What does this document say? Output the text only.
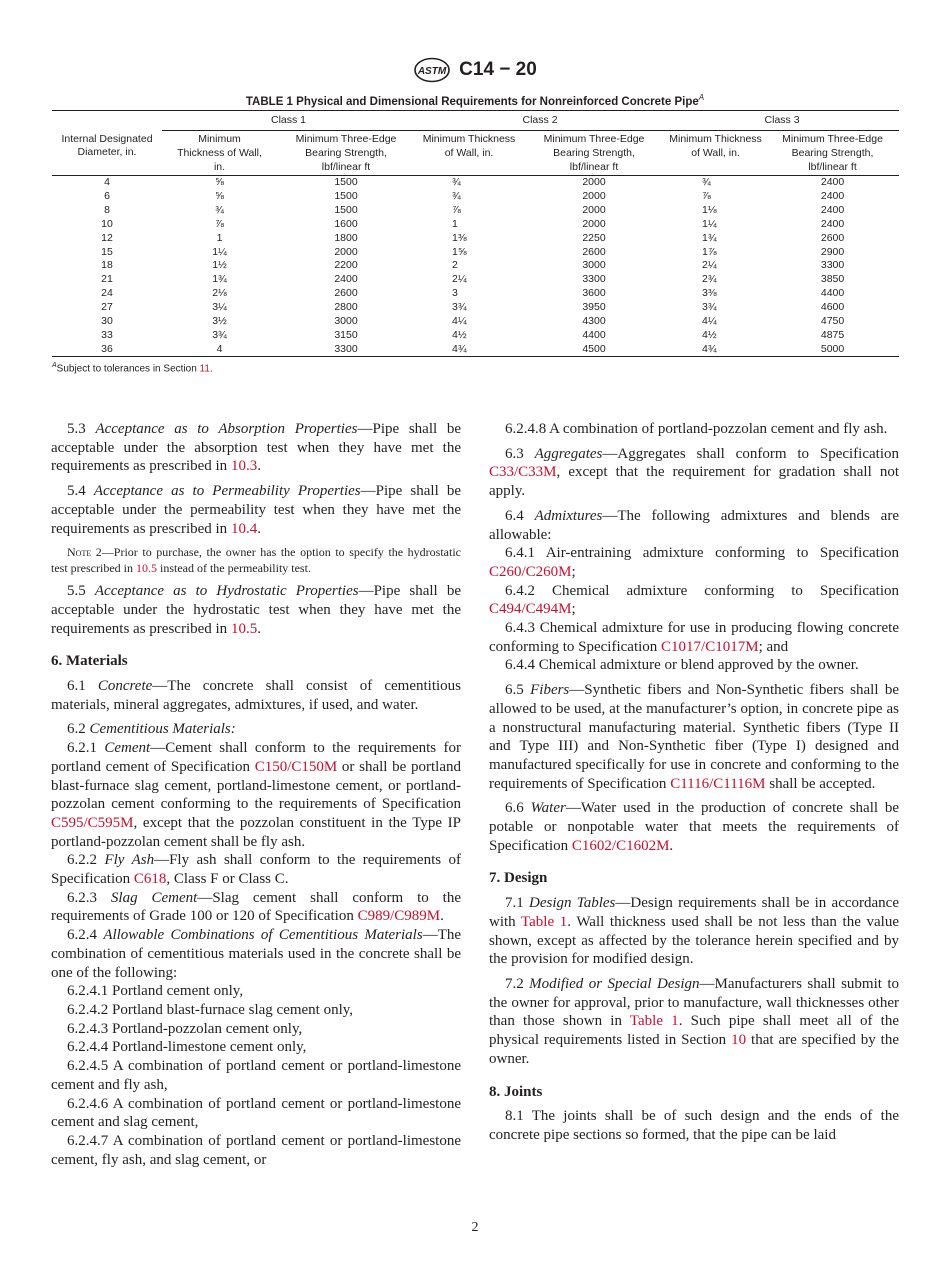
ASTM C14 − 20
TABLE 1 Physical and Dimensional Requirements for Nonreinforced Concrete Pipe$^A$
	Class 1		Class 2		Class 3	
Internal Designated Diameter, in.	Minimum Thickness of Wall, in.	Minimum Three-Edge Bearing Strength, lbf/linear ft	Minimum Thickness of Wall, in.	Minimum Three-Edge Bearing Strength, lbf/linear ft	Minimum Thickness of Wall, in.	Minimum Three-Edge Bearing Strength, lbf/linear ft
4	⅝	1500	¾	2000	¾	2400
6	⅝	1500	¾	2000	⅞	2400
8	¾	1500	⅞	2000	1⅛	2400
10	⅞	1600	1	2000	1¼	2400
12	1	1800	1⅜	2250	1¾	2600
15	1¼	2000	1⅝	2600	1⅞	2900
18	1½	2200	2	3000	2¼	3300
21	1¾	2400	2¼	3300	2¾	3850
24	2⅛	2600	3	3600	3⅜	4400
27	3¼	2800	3¾	3950	3¾	4600
30	3½	3000	4¼	4300	4¼	4750
33	3¾	3150	4½	4400	4½	4875
36	4	3300	4¾	4500	4¾	5000
$^A$Subject to tolerances in Section 11.

5.3 Acceptance as to Absorption Properties—Pipe shall be acceptable under the absorption test when they have met the requirements as prescribed in 10.3.

5.4 Acceptance as to Permeability Properties—Pipe shall be acceptable under the permeability test when they have met the requirements as prescribed in 10.4.

Note 2—Prior to purchase, the owner has the option to specify the hydrostatic test prescribed in 10.5 instead of the permeability test.

5.5 Acceptance as to Hydrostatic Properties—Pipe shall be acceptable under the hydrostatic test when they have met the requirements as prescribed in 10.5.

6. Materials

6.1 Concrete—The concrete shall consist of cementitious materials, mineral aggregates, admixtures, if used, and water.

6.2 Cementitious Materials:

6.2.1 Cement—Cement shall conform to the requirements for portland cement of Specification C150/C150M or shall be portland blast-furnace slag cement, portland-limestone cement, or portland-pozzolan cement conforming to the requirements of Specification C595/C595M, except that the pozzolan constituent in the Type IP portland-pozzolan cement shall be fly ash.

6.2.2 Fly Ash—Fly ash shall conform to the requirements of Specification C618, Class F or Class C.

6.2.3 Slag Cement—Slag cement shall conform to the requirements of Grade 100 or 120 of Specification C989/C989M.

6.2.4 Allowable Combinations of Cementitious Materials—The combination of cementitious materials used in the concrete shall be one of the following:

6.2.4.1 Portland cement only,

6.2.4.2 Portland blast-furnace slag cement only,

6.2.4.3 Portland-pozzolan cement only,

6.2.4.4 Portland-limestone cement only,

6.2.4.5 A combination of portland cement or portland-limestone cement and fly ash,

6.2.4.6 A combination of portland cement or portland-limestone cement and slag cement,

6.2.4.7 A combination of portland cement or portland-limestone cement, fly ash, and slag cement, or

6.2.4.8 A combination of portland-pozzolan cement and fly ash.

6.3 Aggregates—Aggregates shall conform to Specification C33/C33M, except that the requirement for gradation shall not apply.

6.4 Admixtures—The following admixtures and blends are allowable:

6.4.1 Air-entraining admixture conforming to Specification C260/C260M;

6.4.2 Chemical admixture conforming to Specification C494/C494M;

6.4.3 Chemical admixture for use in producing flowing concrete conforming to Specification C1017/C1017M; and

6.4.4 Chemical admixture or blend approved by the owner.

6.5 Fibers—Synthetic fibers and Non-Synthetic fibers shall be allowed to be used, at the manufacturer’s option, in concrete pipe as a nonstructural manufacturing material. Synthetic fibers (Type II and Type III) and Non-Synthetic fiber (Type I) designed and manufactured specifically for use in concrete and conforming to the requirements of Specification C1116/C1116M shall be accepted.

6.6 Water—Water used in the production of concrete shall be potable or nonpotable water that meets the requirements of Specification C1602/C1602M.

7. Design

7.1 Design Tables—Design requirements shall be in accordance with Table 1. Wall thickness used shall be not less than the value shown, except as affected by the tolerance herein specified and by the provision for modified design.

7.2 Modified or Special Design—Manufacturers shall submit to the owner for approval, prior to manufacture, wall thicknesses other than those shown in Table 1. Such pipe shall meet all of the physical requirements listed in Section 10 that are specified by the owner.

8. Joints

8.1 The joints shall be of such design and the ends of the concrete pipe sections so formed, that the pipe can be laid

2
